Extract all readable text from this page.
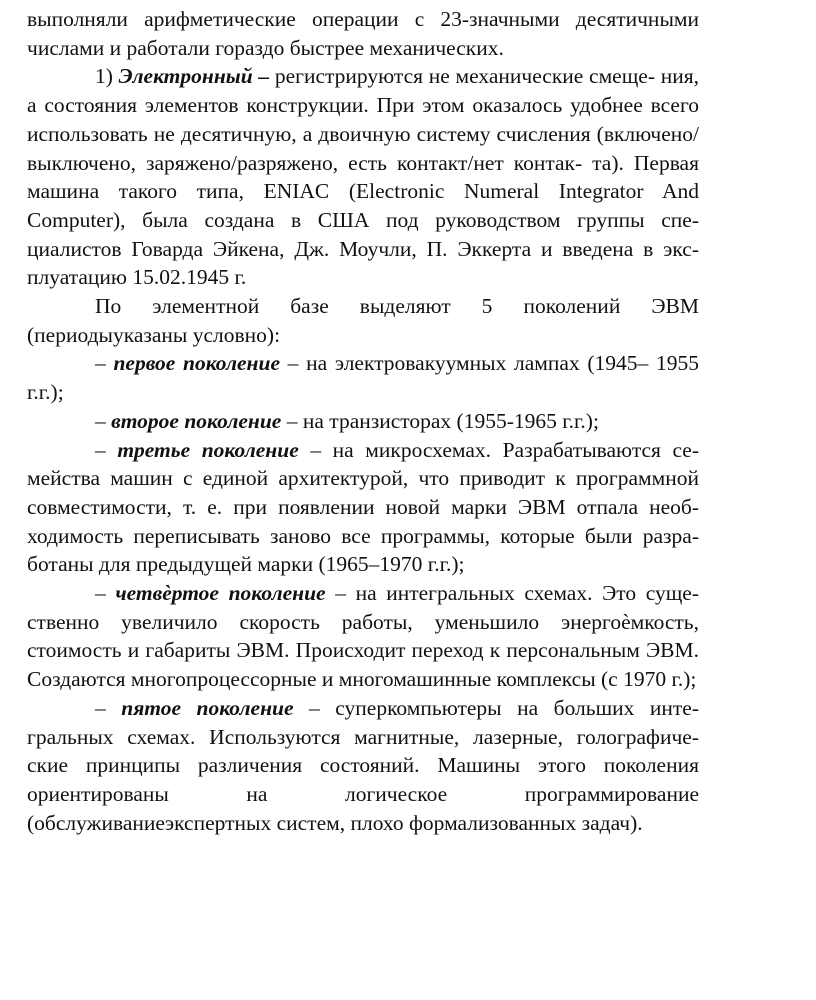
выполняли арифметические операции с 23-значными десятичными числами и работали гораздо быстрее механических.

1) Электронный – регистрируются не механические смеще- ния, а состояния элементов конструкции. При этом оказалось удобнее всего использовать не десятичную, а двоичную систему счисления (включено/выключено, заряжено/разряжено, есть контакт/нет контак- та). Первая машина такого типа, ENIAC (Electronic Numeral Integrator And Computer), была создана в США под руководством группы спе- циалистов Говарда Эйкена, Дж. Моучли, П. Эккерта и введена в экс- плуатацию 15.02.1945 г.

По элементной базе выделяют 5 поколений ЭВМ (периодыуказаны условно):

– первое поколение – на электровакуумных лампах (1945– 1955 г.г.);

– второе поколение – на транзисторах (1955-1965 г.г.);

– третье поколение – на микросхемах. Разрабатываются се- мейства машин с единой архитектурой, что приводит к программной совместимости, т. е. при появлении новой марки ЭВМ отпала необ- ходимость переписывать заново все программы, которые были разра- ботаны для предыдущей марки (1965–1970 г.г.);

– четвѐртое поколение – на интегральных схемах. Это суще- ственно увеличило скорость работы, уменьшило энергоѐмкость, стоимость и габариты ЭВМ. Происходит переход к персональным ЭВМ. Создаются многопроцессорные и многомашинные комплексы (с 1970 г.);

– пятое поколение – суперкомпьютеры на больших инте- гральных схемах. Используются магнитные, лазерные, голографиче- ские принципы различения состояний. Машины этого поколения ориентированы на логическое программирование (обслуживаниеэкспертных систем, плохо формализованных задач).
